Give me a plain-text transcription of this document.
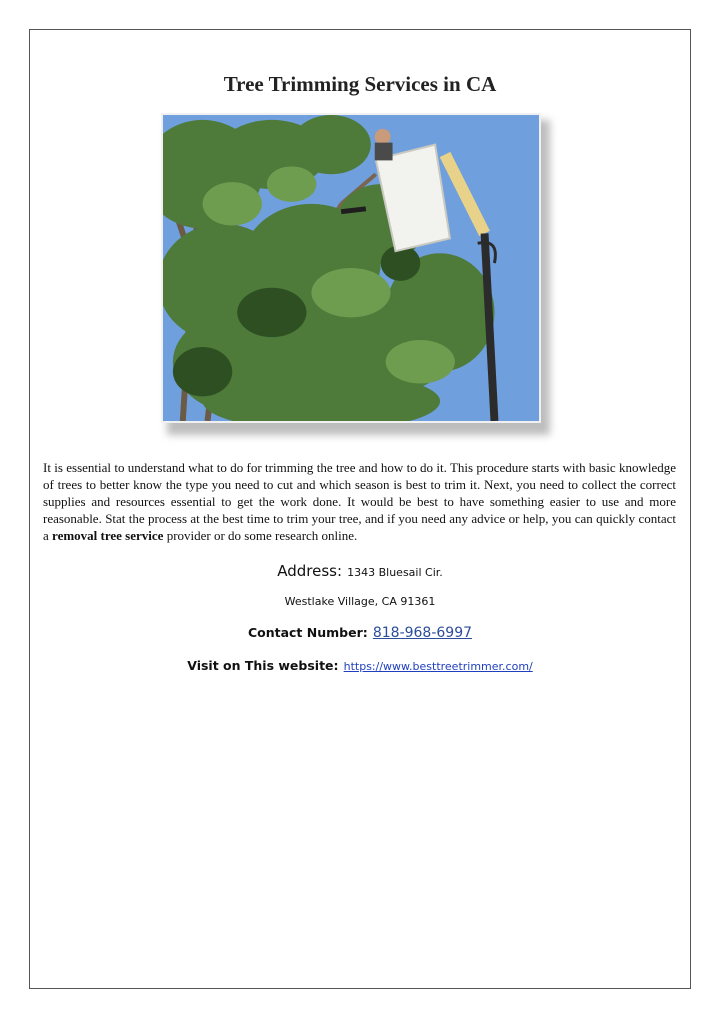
Tree Trimming Services in CA
It is essential to understand what to do for trimming the tree and how to do it. This procedure starts with basic knowledge of trees to better know the type you need to cut and which season is best to trim it. Next, you need to collect the correct supplies and resources essential to get the work done. It would be best to have something easier to use and more reasonable. Stat the process at the best time to trim your tree, and if you need any advice or help, you can quickly contact a removal tree service provider or do some research online.
Address: 1343 Bluesail Cir.
Westlake Village, CA 91361
Contact Number: 818-968-6997
Visit on This website: https://www.besttreetrimmer.com/
